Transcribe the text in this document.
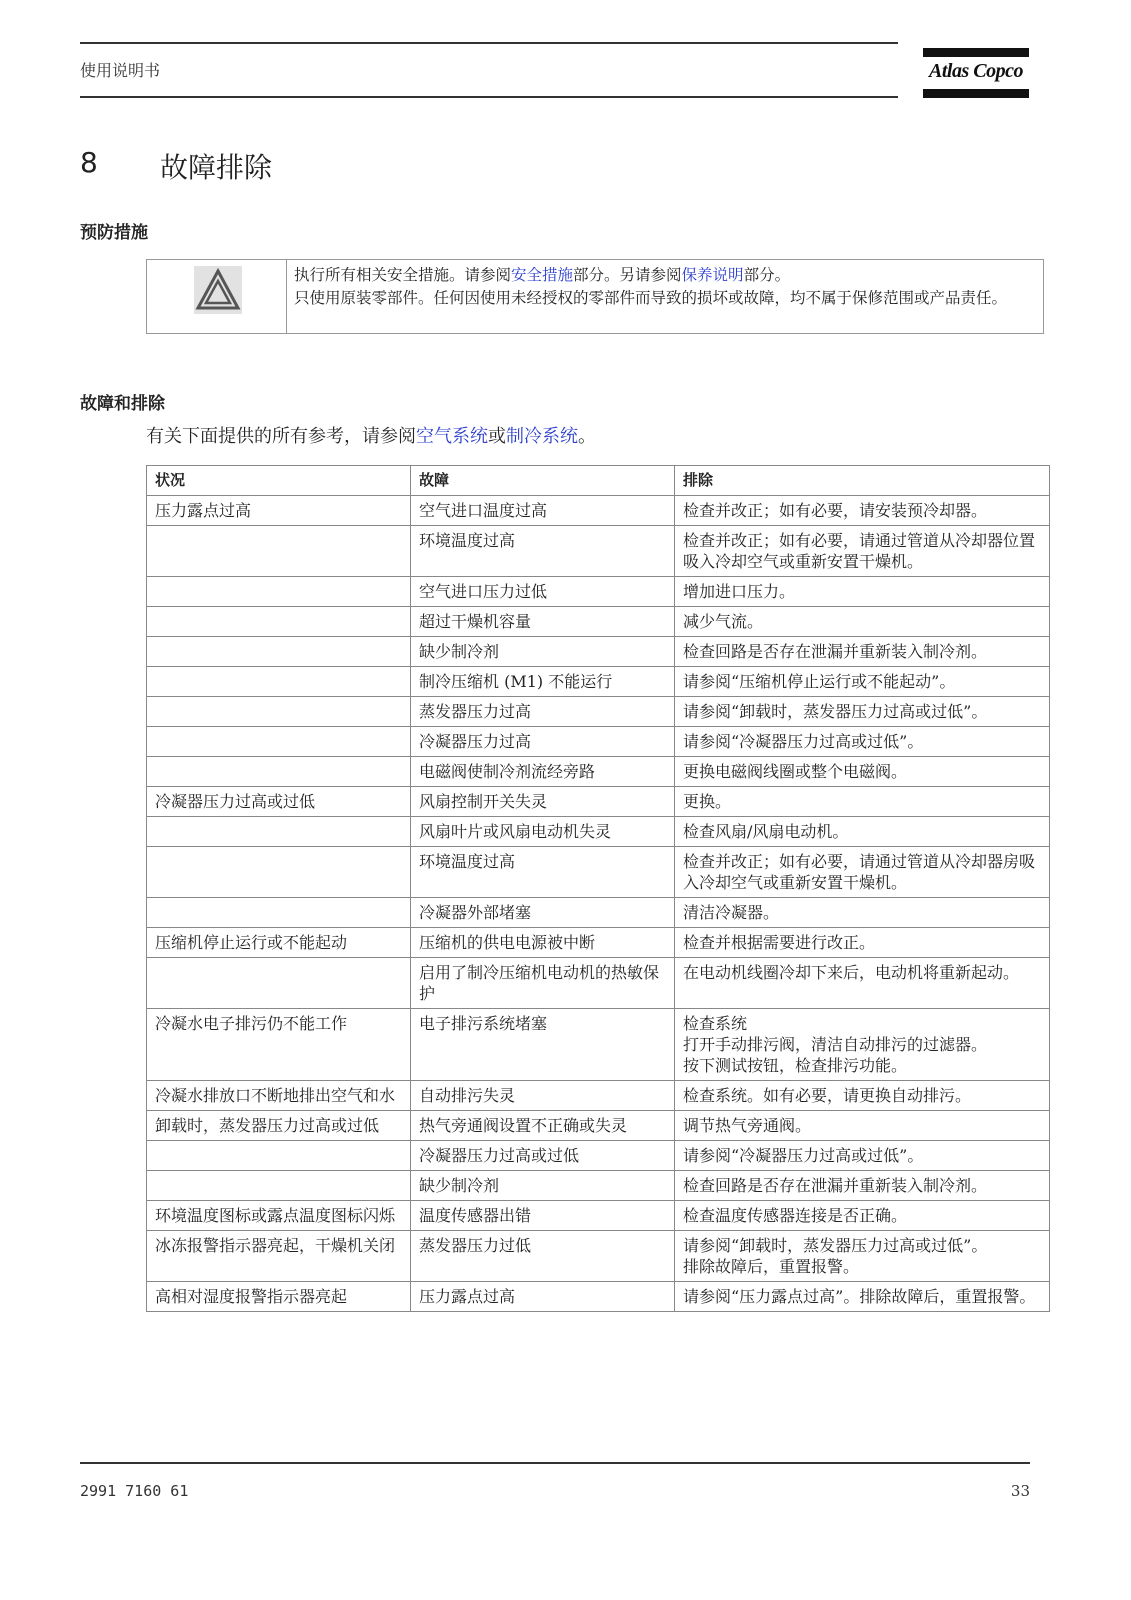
使用说明书	Atlas Copco
8 故障排除
预防措施
执行所有相关安全措施。请参阅安全措施部分。另请参阅保养说明部分。
只使用原装零部件。任何因使用未经授权的零部件而导致的损坏或故障，均不属于保修范围或产品责任。
故障和排除
有关下面提供的所有参考，请参阅空气系统或制冷系统。
状况	故障	排除
压力露点过高	空气进口温度过高	检查并改正；如有必要，请安装预冷却器。
	环境温度过高	检查并改正；如有必要，请通过管道从冷却器位置吸入冷却空气或重新安置干燥机。
	空气进口压力过低	增加进口压力。
	超过干燥机容量	减少气流。
	缺少制冷剂	检查回路是否存在泄漏并重新装入制冷剂。
	制冷压缩机 (M1) 不能运行	请参阅“压缩机停止运行或不能起动”。
	蒸发器压力过高	请参阅“卸载时，蒸发器压力过高或过低”。
	冷凝器压力过高	请参阅“冷凝器压力过高或过低”。
	电磁阀使制冷剂流经旁路	更换电磁阀线圈或整个电磁阀。
冷凝器压力过高或过低	风扇控制开关失灵	更换。
	风扇叶片或风扇电动机失灵	检查风扇/风扇电动机。
	环境温度过高	检查并改正；如有必要，请通过管道从冷却器房吸入冷却空气或重新安置干燥机。
	冷凝器外部堵塞	清洁冷凝器。
压缩机停止运行或不能起动	压缩机的供电电源被中断	检查并根据需要进行改正。
	启用了制冷压缩机电动机的热敏保护	在电动机线圈冷却下来后，电动机将重新起动。
冷凝水电子排污仍不能工作	电子排污系统堵塞	检查系统
打开手动排污阀，清洁自动排污的过滤器。
按下测试按钮，检查排污功能。
冷凝水排放口不断地排出空气和水	自动排污失灵	检查系统。如有必要，请更换自动排污。
卸载时，蒸发器压力过高或过低	热气旁通阀设置不正确或失灵	调节热气旁通阀。
	冷凝器压力过高或过低	请参阅“冷凝器压力过高或过低”。
	缺少制冷剂	检查回路是否存在泄漏并重新装入制冷剂。
环境温度图标或露点温度图标闪烁	温度传感器出错	检查温度传感器连接是否正确。
冰冻报警指示器亮起，干燥机关闭	蒸发器压力过低	请参阅“卸载时，蒸发器压力过高或过低”。
排除故障后，重置报警。
高相对湿度报警指示器亮起	压力露点过高	请参阅“压力露点过高”。排除故障后，重置报警。
2991 7160 61	33
